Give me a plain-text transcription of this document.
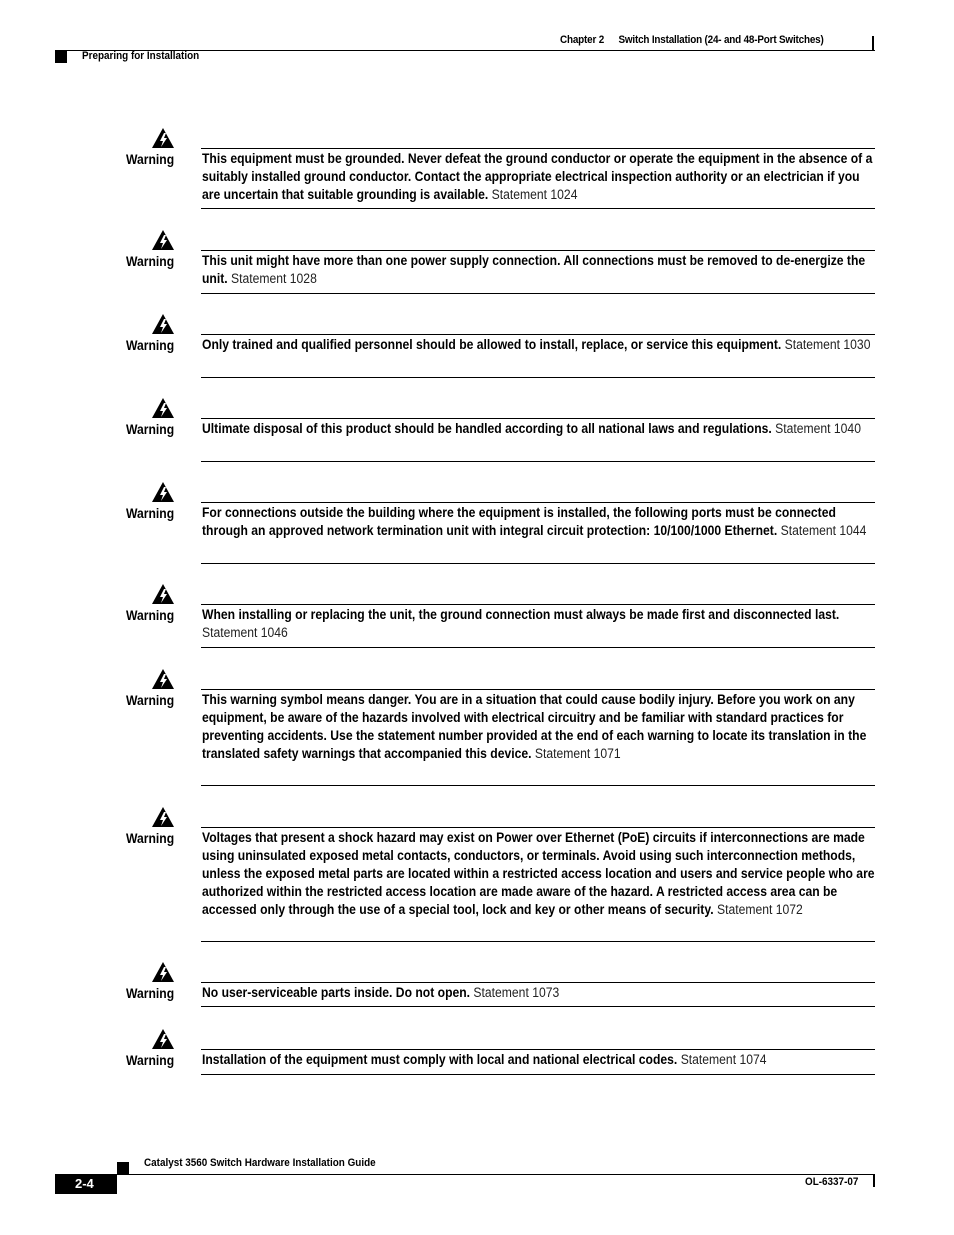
Chapter 2 Switch Installation (24- and 48-Port Switches)
Preparing for Installation
Warning This equipment must be grounded. Never defeat the ground conductor or operate the equipment in the absence of a suitably installed ground conductor. Contact the appropriate electrical inspection authority or an electrician if you are uncertain that suitable grounding is available. Statement 1024
Warning This unit might have more than one power supply connection. All connections must be removed to de-energize the unit. Statement 1028
Warning Only trained and qualified personnel should be allowed to install, replace, or service this equipment. Statement 1030
Warning Ultimate disposal of this product should be handled according to all national laws and regulations. Statement 1040
Warning For connections outside the building where the equipment is installed, the following ports must be connected through an approved network termination unit with integral circuit protection: 10/100/1000 Ethernet. Statement 1044
Warning When installing or replacing the unit, the ground connection must always be made first and disconnected last. Statement 1046
Warning This warning symbol means danger. You are in a situation that could cause bodily injury. Before you work on any equipment, be aware of the hazards involved with electrical circuitry and be familiar with standard practices for preventing accidents. Use the statement number provided at the end of each warning to locate its translation in the translated safety warnings that accompanied this device. Statement 1071
Warning Voltages that present a shock hazard may exist on Power over Ethernet (PoE) circuits if interconnections are made using uninsulated exposed metal contacts, conductors, or terminals. Avoid using such interconnection methods, unless the exposed metal parts are located within a restricted access location and users and service people who are authorized within the restricted access location are made aware of the hazard. A restricted access area can be accessed only through the use of a special tool, lock and key or other means of security. Statement 1072
Warning No user-serviceable parts inside. Do not open. Statement 1073
Warning Installation of the equipment must comply with local and national electrical codes. Statement 1074
Catalyst 3560 Switch Hardware Installation Guide
2-4	OL-6337-07
